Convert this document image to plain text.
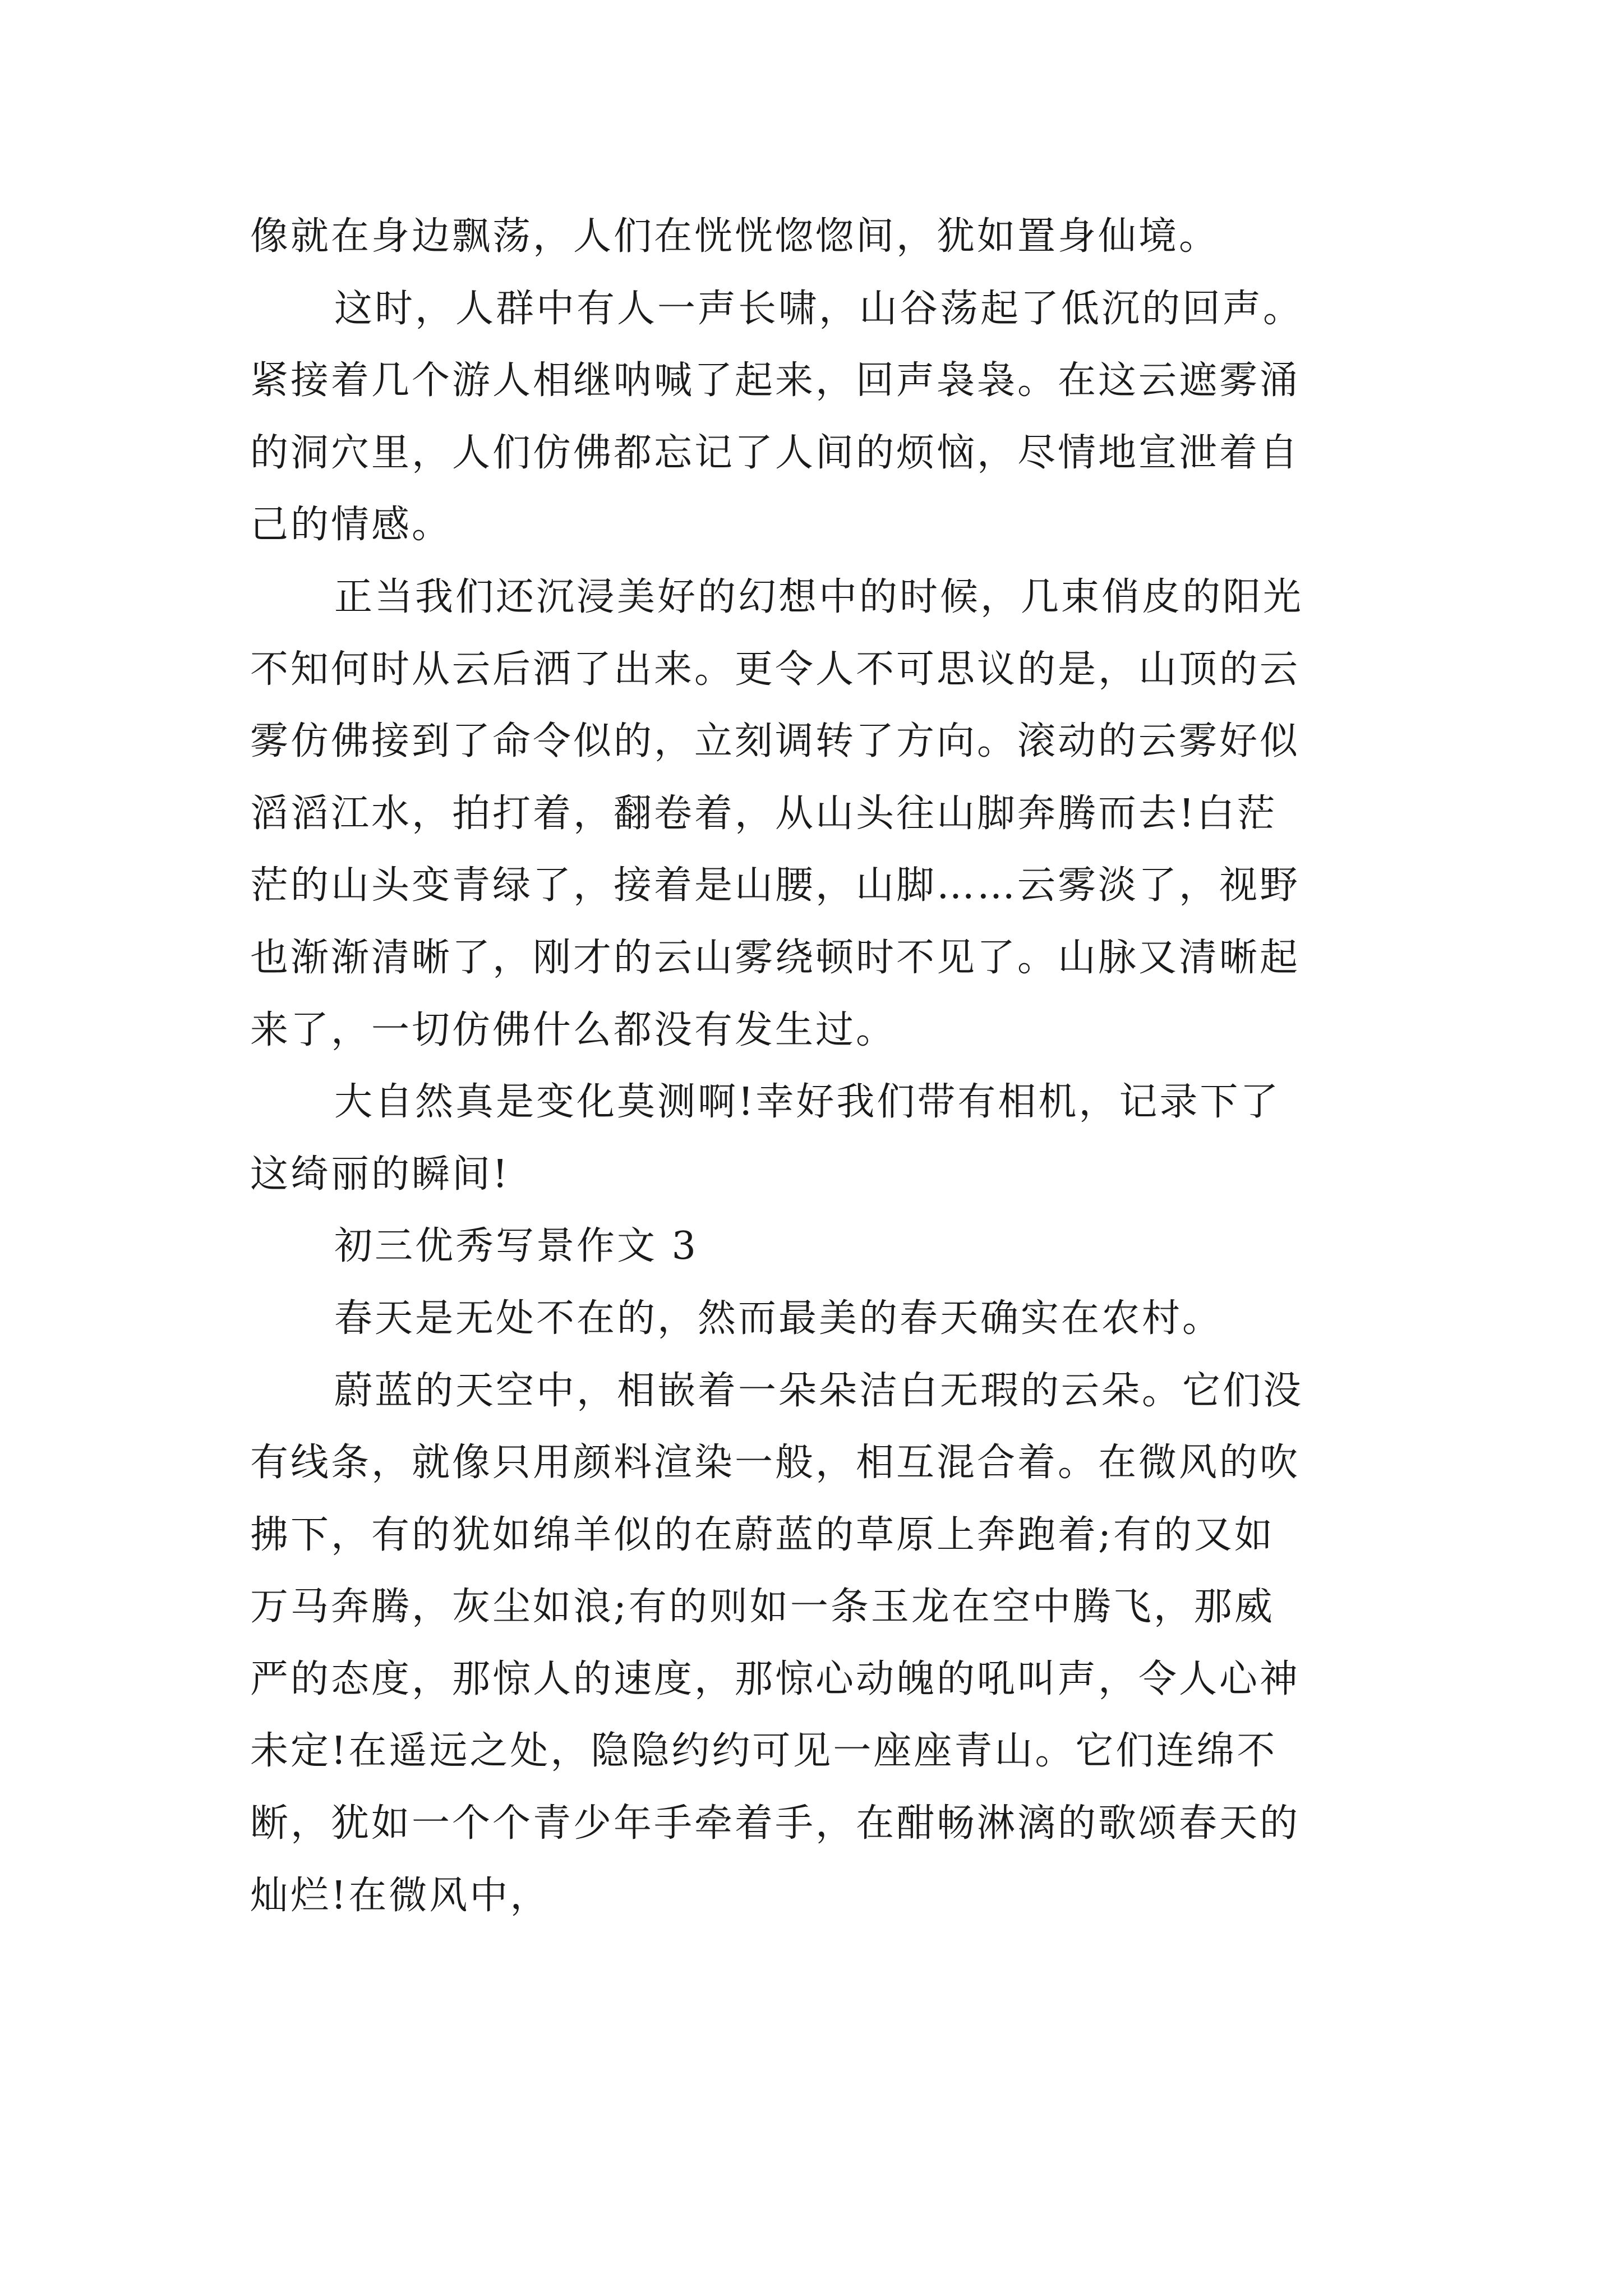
像就在身边飘荡，人们在恍恍惚惚间，犹如置身仙境。
这时，人群中有人一声长啸，山谷荡起了低沉的回声。
紧接着几个游人相继呐喊了起来，回声袅袅。在这云遮雾涌
的洞穴里，人们仿佛都忘记了人间的烦恼，尽情地宣泄着自
己的情感。
正当我们还沉浸美好的幻想中的时候，几束俏皮的阳光
不知何时从云后洒了出来。更令人不可思议的是，山顶的云
雾仿佛接到了命令似的，立刻调转了方向。滚动的云雾好似
滔滔江水，拍打着，翻卷着，从山头往山脚奔腾而去!白茫
茫的山头变青绿了，接着是山腰，山脚……云雾淡了，视野
也渐渐清晰了，刚才的云山雾绕顿时不见了。山脉又清晰起
来了，一切仿佛什么都没有发生过。
大自然真是变化莫测啊!幸好我们带有相机，记录下了
这绮丽的瞬间!
初三优秀写景作文 3
春天是无处不在的，然而最美的春天确实在农村。
蔚蓝的天空中，相嵌着一朵朵洁白无瑕的云朵。它们没
有线条，就像只用颜料渲染一般，相互混合着。在微风的吹
拂下，有的犹如绵羊似的在蔚蓝的草原上奔跑着;有的又如
万马奔腾，灰尘如浪;有的则如一条玉龙在空中腾飞，那威
严的态度，那惊人的速度，那惊心动魄的吼叫声，令人心神
未定!在遥远之处，隐隐约约可见一座座青山。它们连绵不
断，犹如一个个青少年手牵着手，在酣畅淋漓的歌颂春天的
灿烂!在微风中，
